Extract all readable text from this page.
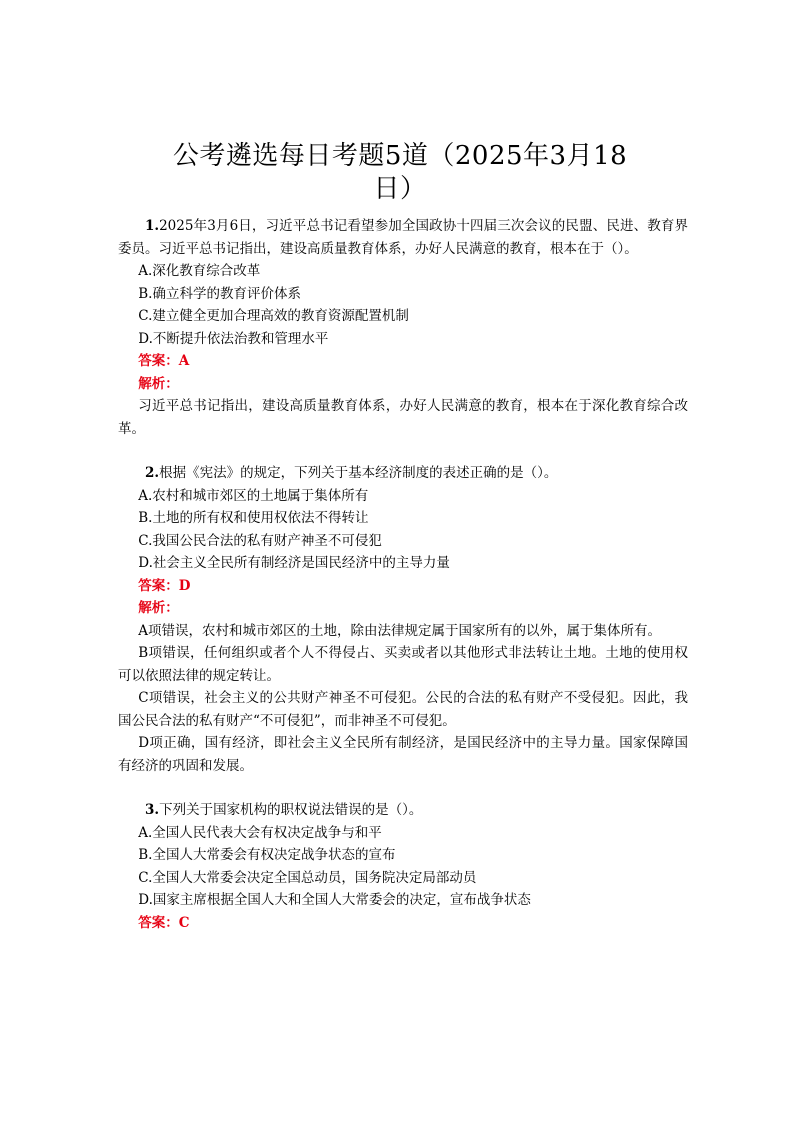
公考遴选每日考题5道（2025年3月18
日）

1.2025年3月6日，习近平总书记看望参加全国政协十四届三次会议的民盟、民进、教育界委员。习近平总书记指出，建设高质量教育体系，办好人民满意的教育，根本在于（）。

A.深化教育综合改革

B.确立科学的教育评价体系

C.建立健全更加合理高效的教育资源配置机制

D.不断提升依法治教和管理水平

答案：A

解析：

习近平总书记指出，建设高质量教育体系，办好人民满意的教育，根本在于深化教育综合改革。

2.根据《宪法》的规定，下列关于基本经济制度的表述正确的是（）。

A.农村和城市郊区的土地属于集体所有

B.土地的所有权和使用权依法不得转让

C.我国公民合法的私有财产神圣不可侵犯

D.社会主义全民所有制经济是国民经济中的主导力量

答案：D

解析：

A项错误，农村和城市郊区的土地，除由法律规定属于国家所有的以外，属于集体所有。

B项错误，任何组织或者个人不得侵占、买卖或者以其他形式非法转让土地。土地的使用权可以依照法律的规定转让。

C项错误，社会主义的公共财产神圣不可侵犯。公民的合法的私有财产不受侵犯。因此，我国公民合法的私有财产“不可侵犯”，而非神圣不可侵犯。

D项正确，国有经济，即社会主义全民所有制经济，是国民经济中的主导力量。国家保障国有经济的巩固和发展。

3.下列关于国家机构的职权说法错误的是（）。

A.全国人民代表大会有权决定战争与和平

B.全国人大常委会有权决定战争状态的宣布

C.全国人大常委会决定全国总动员，国务院决定局部动员

D.国家主席根据全国人大和全国人大常委会的决定，宣布战争状态

答案：C
